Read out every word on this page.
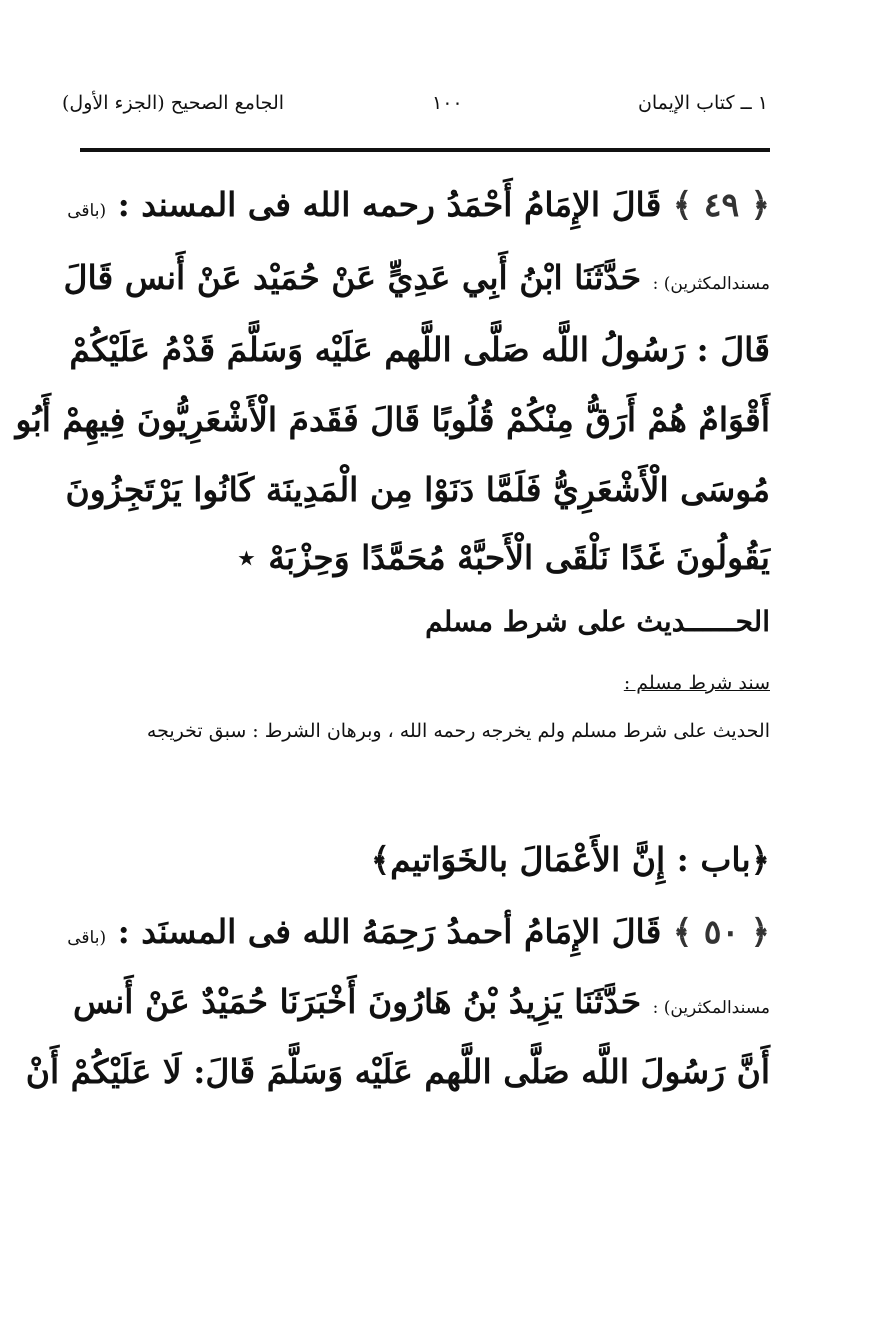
١ ــ كتاب الإيمان
١٠٠
الجامع الصحيح (الجزء الأول)
﴿ ٤٩ ﴾ قَالَ الإِمَامُ أَحْمَدُ رحمه الله فى المسند : (باقى
مسندالمكثرين) : حَدَّثَنَا ابْنُ أَبِي عَدِيٍّ عَنْ حُمَيْد عَنْ أَنس قَالَ
قَالَ : رَسُولُ اللَّه صَلَّى اللَّهم عَلَيْه وَسَلَّمَ قَدْمُ عَلَيْكُمْ
أَقْوَامٌ هُمْ أَرَقُّ مِنْكُمْ قُلُوبًا قَالَ فَقَدمَ الْأَشْعَرِيُّونَ فِيهِمْ أَبُو
مُوسَى الْأَشْعَرِيُّ فَلَمَّا دَنَوْا مِن الْمَدِينَة كَانُوا يَرْتَجِزُونَ
يَقُولُونَ غَدًا نَلْقَى الْأَحبَّهْ مُحَمَّدًا وَحِزْبَهْ ⋆
الحــــــديث على شرط مسلم
سند شرط مسلم :
الحديث على شرط مسلم ولم يخرجه رحمه الله ، وبرهان الشرط : سبق تخريجه
﴿باب : إِنَّ الأَعْمَالَ بالخَوَاتيم﴾
﴿ ٥٠ ﴾ قَالَ الإِمَامُ أحمدُ رَحِمَهُ الله فى المسنَد : (باقى
مسندالمكثرين) : حَدَّثَنَا يَزِيدُ بْنُ هَارُونَ أَخْبَرَنَا حُمَيْدٌ عَنْ أَنس
أَنَّ رَسُولَ اللَّه صَلَّى اللَّهم عَلَيْه وَسَلَّمَ قَالَ: لَا عَلَيْكُمْ أَنْ
